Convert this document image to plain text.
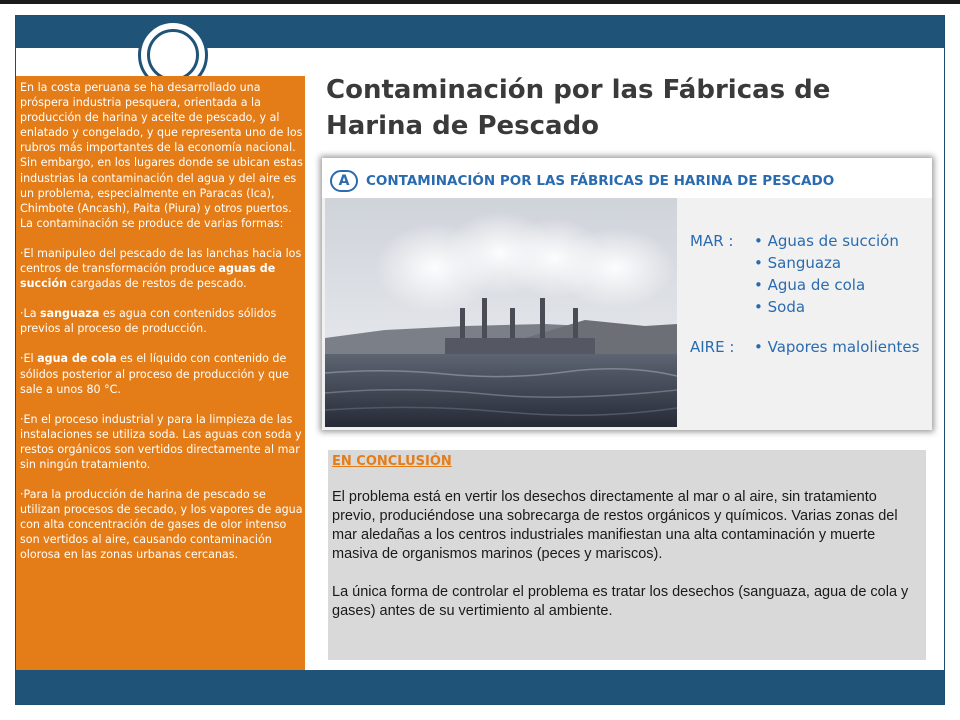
En la costa peruana se ha desarrollado una próspera industria pesquera, orientada a la producción de harina y aceite de pescado, y al enlatado y congelado, y que representa uno de los rubros más importantes de la economía nacional. Sin embargo, en los lugares donde se ubican estas industrias la contaminación del agua y del aire es un problema, especialmente en Paracas (Ica), Chimbote (Ancash), Paita (Piura) y otros puertos. La contaminación se produce de varias formas:

·El manipuleo del pescado de las lanchas hacia los centros de transformación produce aguas de succión cargadas de restos de pescado.

·La sanguaza es agua con contenidos sólidos previos al proceso de producción.

·El agua de cola es el líquido con contenido de sólidos posterior al proceso de producción y que sale a unos 80 °C.

·En el proceso industrial y para la limpieza de las instalaciones se utiliza soda. Las aguas con soda y restos orgánicos son vertidos directamente al mar sin ningún tratamiento.

·Para la producción de harina de pescado se utilizan procesos de secado, y los vapores de agua con alta concentración de gases de olor intenso son vertidos al aire, causando contaminación olorosa en las zonas urbanas cercanas.

Contaminación por las Fábricas de Harina de Pescado
A	CONTAMINACIÓN POR LAS FÁBRICAS DE HARINA DE PESCADO
MAR : • Aguas de succión
• Sanguaza
• Agua de cola
• Soda
AIRE : • Vapores malolientes
EN CONCLUSIÓN

El problema está en vertir los desechos directamente al mar o al aire, sin tratamiento previo, produciéndose una sobrecarga de restos orgánicos y químicos. Varias zonas del mar aledañas a los centros industriales manifiestan una alta contaminación y muerte masiva de organismos marinos (peces y mariscos).

La única forma de controlar el problema es tratar los desechos (sanguaza, agua de cola y gases) antes de su vertimiento al ambiente.
